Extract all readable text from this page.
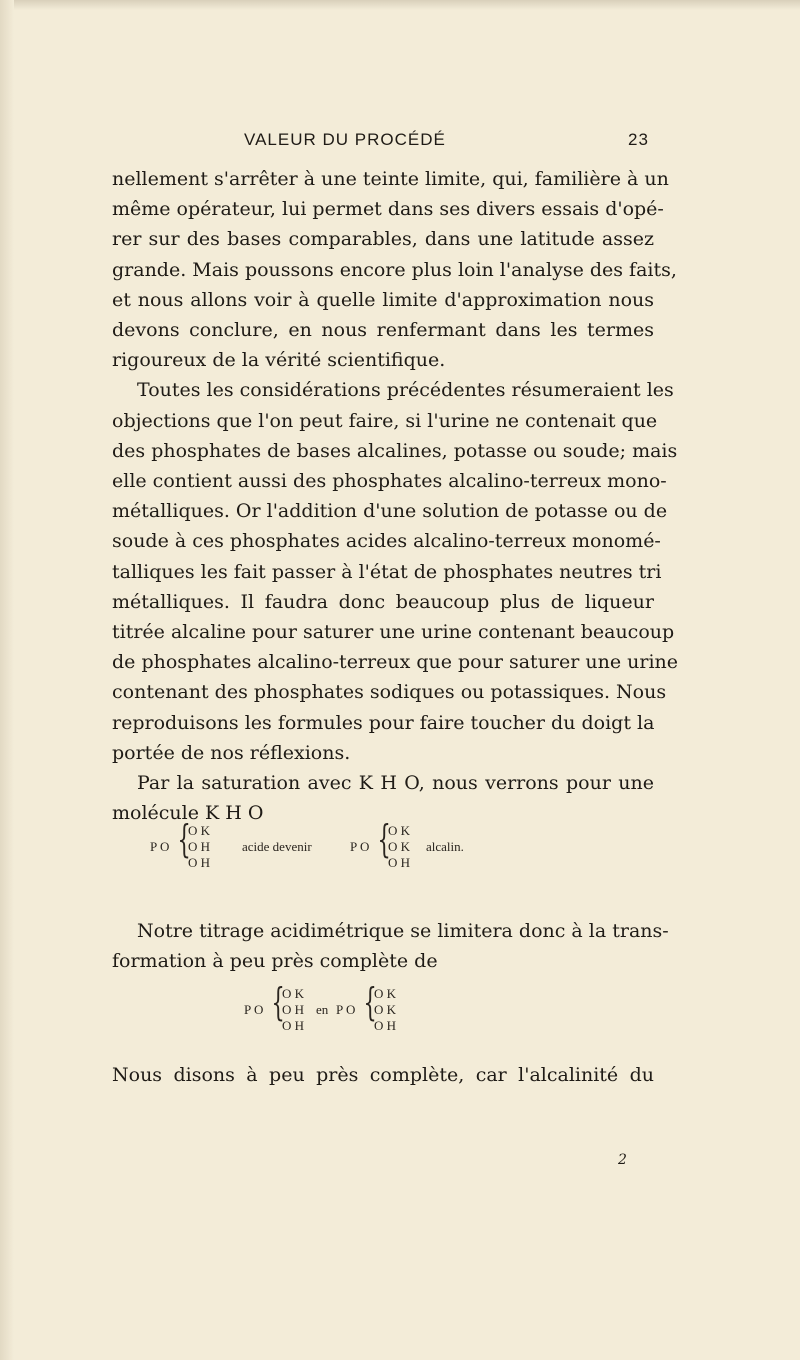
VALEUR DU PROCÉDÉ	23
nellement s'arrêter à une teinte limite, qui, familière à un
même opérateur, lui permet dans ses divers essais d'opé-
rer sur des bases comparables, dans une latitude assez
grande. Mais poussons encore plus loin l'analyse des faits,
et nous allons voir à quelle limite d'approximation nous
devons conclure, en nous renfermant dans les termes
rigoureux de la vérité scientifique.
Toutes les considérations précédentes résumeraient les
objections que l'on peut faire, si l'urine ne contenait que
des phosphates de bases alcalines, potasse ou soude; mais
elle contient aussi des phosphates alcalino-terreux mono-
métalliques. Or l'addition d'une solution de potasse ou de
soude à ces phosphates acides alcalino-terreux monomé-
talliques les fait passer à l'état de phosphates neutres tri
métalliques. Il faudra donc beaucoup plus de liqueur
titrée alcaline pour saturer une urine contenant beaucoup
de phosphates alcalino-terreux que pour saturer une urine
contenant des phosphates sodiques ou potassiques. Nous
reproduisons les formules pour faire toucher du doigt la
portée de nos réflexions.
Par la saturation avec K H O, nous verrons pour une
molécule K H O
P O {
O K
O H
O H
acide devenir	P O {
O K
O K
O H
alcalin.
Notre titrage acidimétrique se limitera donc à la trans-
formation à peu près complète de
P O {
O K
O H
O H
en P O {
O K
O K
O H
Nous disons à peu près complète, car l'alcalinité du
2
